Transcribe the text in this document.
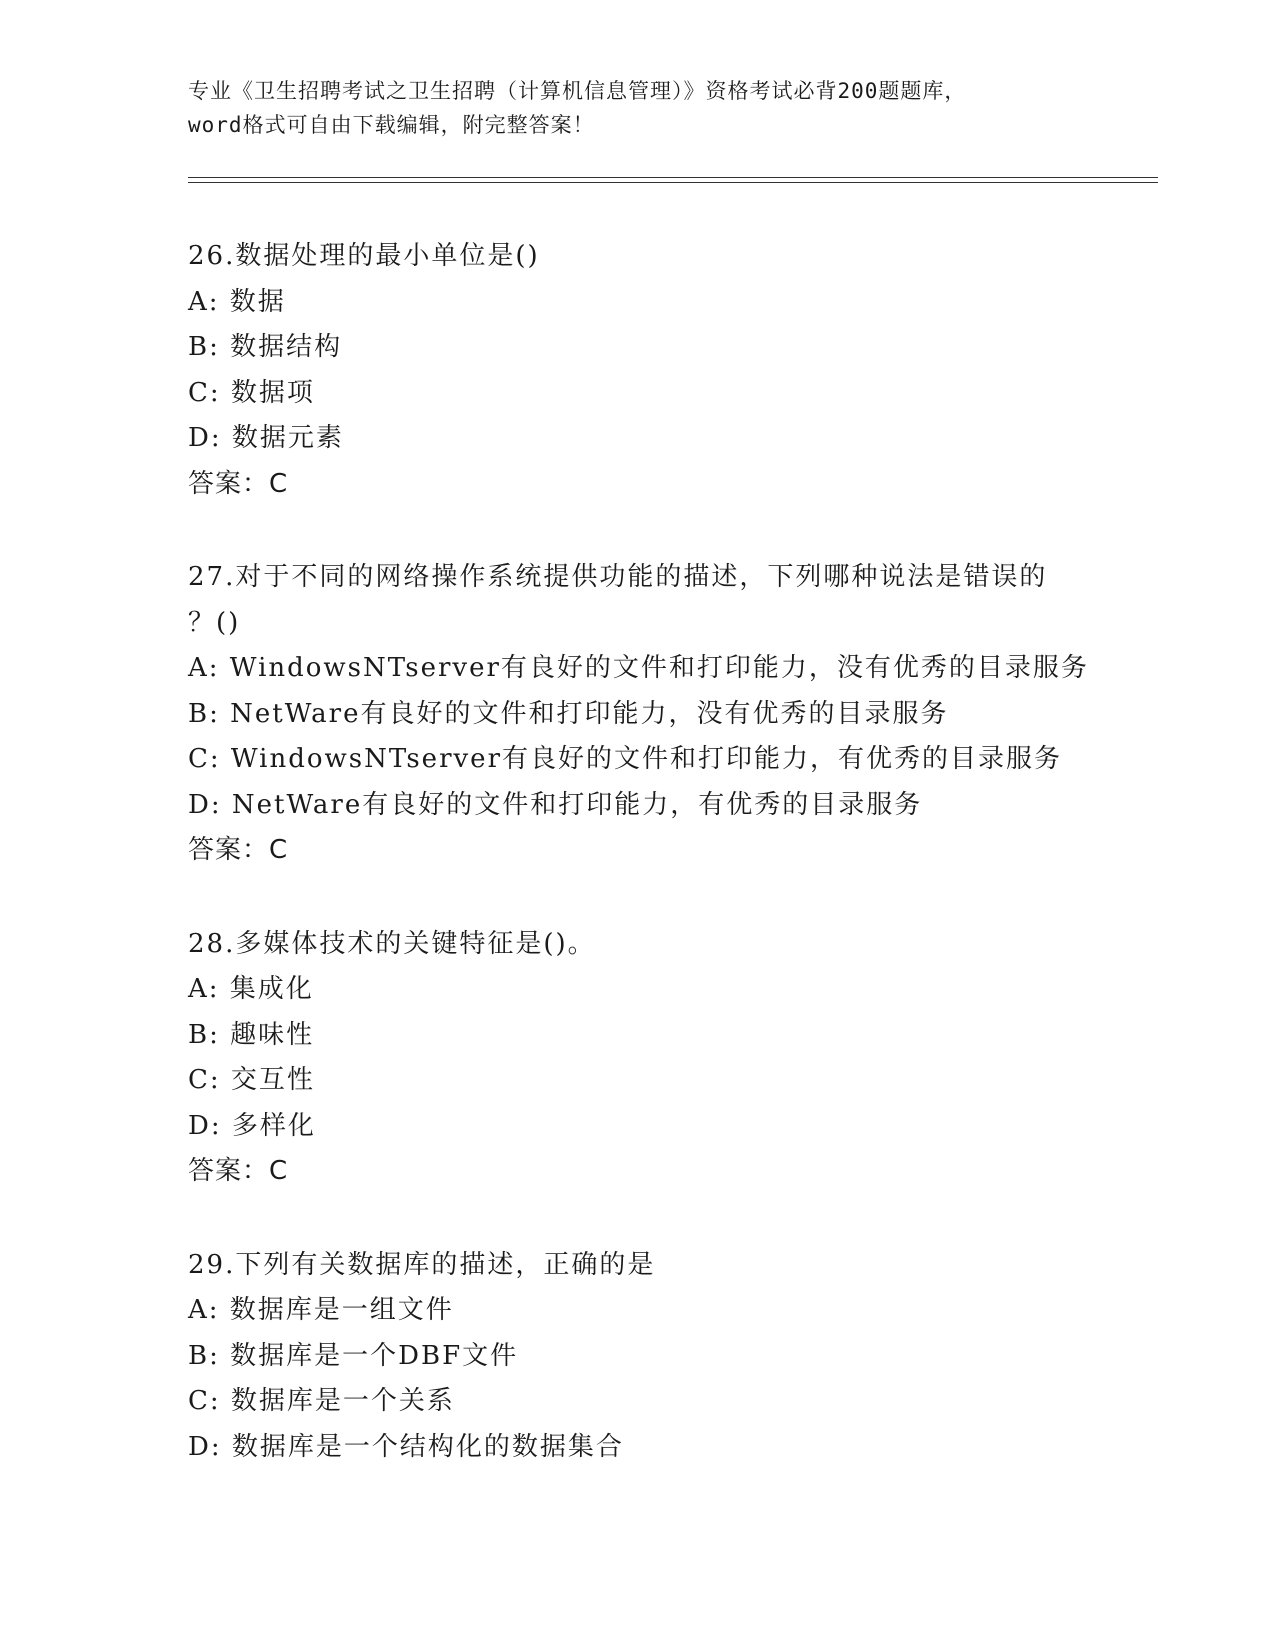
专业《卫生招聘考试之卫生招聘（计算机信息管理）》资格考试必背200题题库，
word格式可自由下载编辑，附完整答案！
26.数据处理的最小单位是()
A: 数据
B: 数据结构
C: 数据项
D: 数据元素
答案：C
27.对于不同的网络操作系统提供功能的描述，下列哪种说法是错误的
？()
A: WindowsNTserver有良好的文件和打印能力，没有优秀的目录服务
B: NetWare有良好的文件和打印能力，没有优秀的目录服务
C: WindowsNTserver有良好的文件和打印能力，有优秀的目录服务
D: NetWare有良好的文件和打印能力，有优秀的目录服务
答案：C
28.多媒体技术的关键特征是()。
A: 集成化
B: 趣味性
C: 交互性
D: 多样化
答案：C
29.下列有关数据库的描述，正确的是
A: 数据库是一组文件
B: 数据库是一个DBF文件
C: 数据库是一个关系
D: 数据库是一个结构化的数据集合
